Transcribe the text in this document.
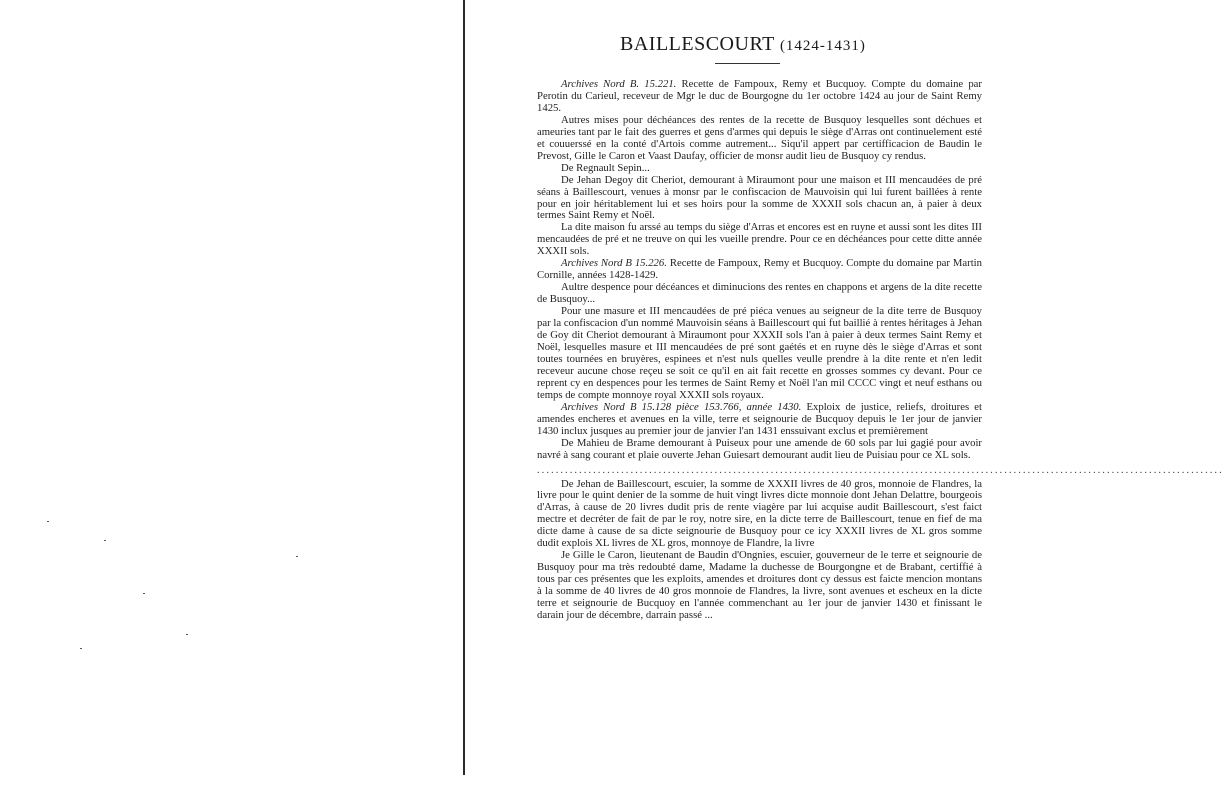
BAILLESCOURT (1424-1431)

Archives Nord B. 15.221. Recette de Fampoux, Remy et Bucquoy. Compte du domaine par Perotin du Carieul, receveur de Mgr le duc de Bourgogne du 1er octobre 1424 au jour de Saint Remy 1425.

Autres mises pour déchéances des rentes de la recette de Busquoy lesquelles sont déchues et ameuries tant par le fait des guerres et gens d'armes qui depuis le siège d'Arras ont continuelement esté et couuerssé en la conté d'Artois comme autrement... Siqu'il appert par certifficacion de Baudin le Prevost, Gille le Caron et Vaast Daufay, officier de monsr audit lieu de Busquoy cy rendus.

De Regnault Sepin...

De Jehan Degoy dit Cheriot, demourant à Miraumont pour une maison et III mencaudées de pré séans à Baillescourt, venues à monsr par le confiscacion de Mauvoisin qui lui furent baillées à rente pour en joir héritablement lui et ses hoirs pour la somme de XXXII sols chacun an, à paier à deux termes Saint Remy et Noël.

La dite maison fu arssé au temps du siège d'Arras et encores est en ruyne et aussi sont les dites III mencaudées de pré et ne treuve on qui les vueille prendre. Pour ce en déchéances pour cette ditte année XXXII sols.

Archives Nord B 15.226. Recette de Fampoux, Remy et Bucquoy. Compte du domaine par Martin Cornille, années 1428-1429.

Aultre despence pour décéances et diminucions des rentes en chappons et argens de la dite recette de Busquoy...

Pour une masure et III mencaudées de pré piéca venues au seigneur de la dite terre de Busquoy par la confiscacion d'un nommé Mauvoisin séans à Baillescourt qui fut baillié à rentes héritages à Jehan de Goy dit Cheriot demourant à Miraumont pour XXXII sols l'an à paier à deux termes Saint Remy et Noël, lesquelles masure et III mencaudées de pré sont gaétés et en ruyne dès le siège d'Arras et sont toutes tournées en bruyères, espinees et n'est nuls quelles veulle prendre à la dite rente et n'en ledit receveur aucune chose reçeu se soit ce qu'il en ait fait recette en grosses sommes cy devant. Pour ce reprent cy en despences pour les termes de Saint Remy et Noël l'an mil CCCC vingt et neuf esthans ou temps de compte monnoye royal XXXII sols royaux.

Archives Nord B 15.128 pièce 153.766, année 1430. Exploix de justice, reliefs, droitures et amendes encheres et avenues en la ville, terre et seignourie de Bucquoy depuis le 1er jour de janvier 1430 inclux jusques au premier jour de janvier l'an 1431 enssuivant exclus et premièrement

De Mahieu de Brame demourant à Puiseux pour une amende de 60 sols par lui gagié pour avoir navré à sang courant et plaie ouverte Jehan Guiesart demourant audit lieu de Puisiau pour ce XL sols.

...................................................................................................................................................

De Jehan de Baillescourt, escuier, la somme de XXXII livres de 40 gros, monnoie de Flandres, la livre pour le quint denier de la somme de huit vingt livres dicte monnoie dont Jehan Delattre, bourgeois d'Arras, à cause de 20 livres dudit pris de rente viagère par lui acquise audit Baillescourt, s'est faict mectre et decréter de fait de par le roy, notre sire, en la dicte terre de Baillescourt, tenue en fief de ma dicte dame à cause de sa dicte seignourie de Busquoy pour ce icy XXXII livres de XL gros somme dudit explois XL livres de XL gros, monnoye de Flandre, la livre

Je Gille le Caron, lieutenant de Baudin d'Ongnies, escuier, gouverneur de le terre et seignourie de Busquoy pour ma très redoubté dame, Madame la duchesse de Bourgongne et de Brabant, certiffié à tous par ces présentes que les exploits, amendes et droitures dont cy dessus est faicte mencion montans à la somme de 40 livres de 40 gros monnoie de Flandres, la livre, sont avenues et escheux en la dicte terre et seignourie de Bucquoy en l'année commenchant au 1er jour de janvier 1430 et finissant le darain jour de décembre, darrain passé ...
